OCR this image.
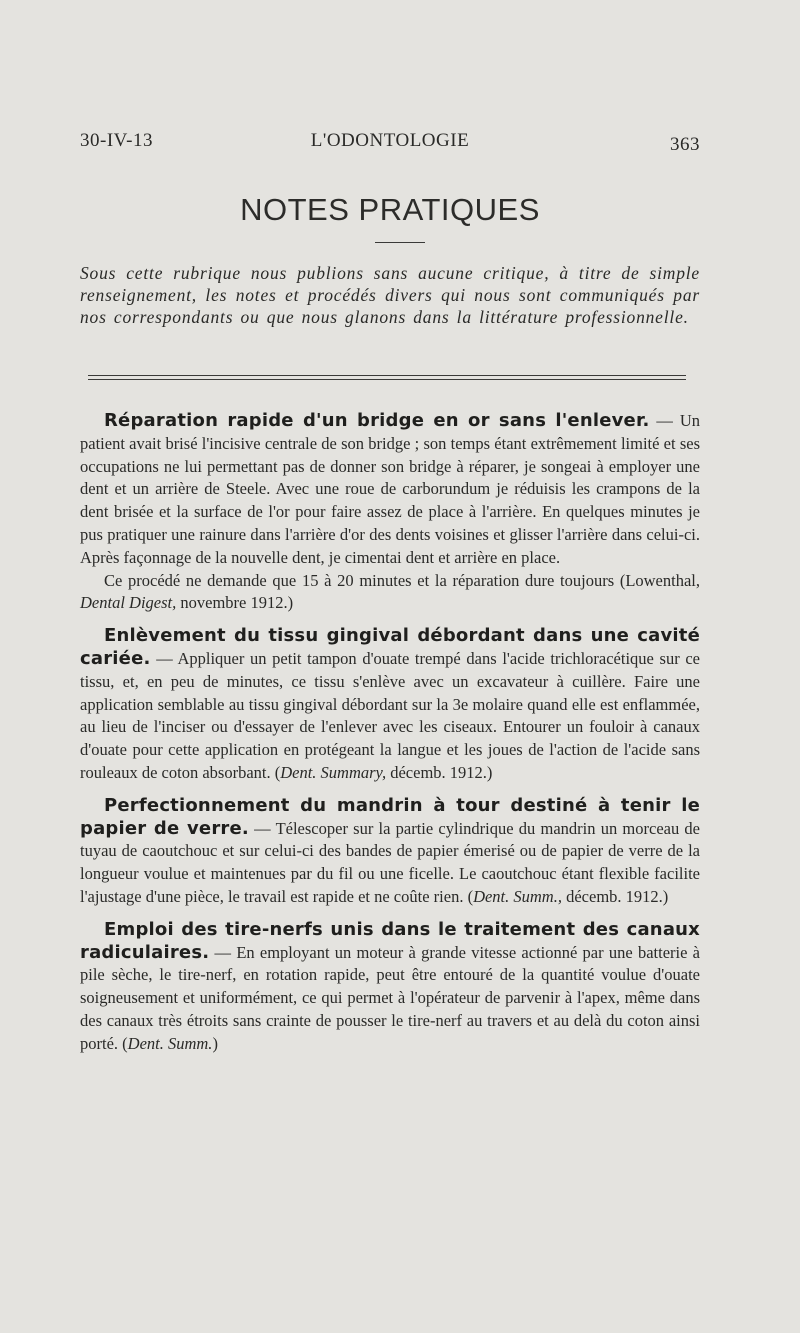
30-IV-13	L'ODONTOLOGIE	363
NOTES PRATIQUES
Sous cette rubrique nous publions sans aucune critique, à titre de simple renseignement, les notes et procédés divers qui nous sont communiqués par nos correspondants ou que nous glanons dans la littérature professionnelle.

Réparation rapide d'un bridge en or sans l'enlever. — Un patient avait brisé l'incisive centrale de son bridge ; son temps étant extrêmement limité et ses occupations ne lui permettant pas de donner son bridge à réparer, je songeai à employer une dent et un arrière de Steele. Avec une roue de carborundum je réduisis les crampons de la dent brisée et la surface de l'or pour faire assez de place à l'arrière. En quelques minutes je pus pratiquer une rainure dans l'arrière d'or des dents voisines et glisser l'arrière dans celui-ci. Après façonnage de la nouvelle dent, je cimentai dent et arrière en place.

Ce procédé ne demande que 15 à 20 minutes et la réparation dure toujours (Lowenthal, Dental Digest, novembre 1912.)

Enlèvement du tissu gingival débordant dans une cavité cariée. — Appliquer un petit tampon d'ouate trempé dans l'acide trichloracétique sur ce tissu, et, en peu de minutes, ce tissu s'enlève avec un excavateur à cuillère. Faire une application semblable au tissu gingival débordant sur la 3e molaire quand elle est enflammée, au lieu de l'inciser ou d'essayer de l'enlever avec les ciseaux. Entourer un fouloir à canaux d'ouate pour cette application en protégeant la langue et les joues de l'action de l'acide sans rouleaux de coton absorbant. (Dent. Summary, décemb. 1912.)

Perfectionnement du mandrin à tour destiné à tenir le papier de verre. — Télescoper sur la partie cylindrique du mandrin un morceau de tuyau de caoutchouc et sur celui-ci des bandes de papier émerisé ou de papier de verre de la longueur voulue et maintenues par du fil ou une ficelle. Le caoutchouc étant flexible facilite l'ajustage d'une pièce, le travail est rapide et ne coûte rien. (Dent. Summ., décemb. 1912.)

Emploi des tire-nerfs unis dans le traitement des canaux radiculaires. — En employant un moteur à grande vitesse actionné par une batterie à pile sèche, le tire-nerf, en rotation rapide, peut être entouré de la quantité voulue d'ouate soigneusement et uniformément, ce qui permet à l'opérateur de parvenir à l'apex, même dans des canaux très étroits sans crainte de pousser le tire-nerf au travers et au delà du coton ainsi porté. (Dent. Summ.)
